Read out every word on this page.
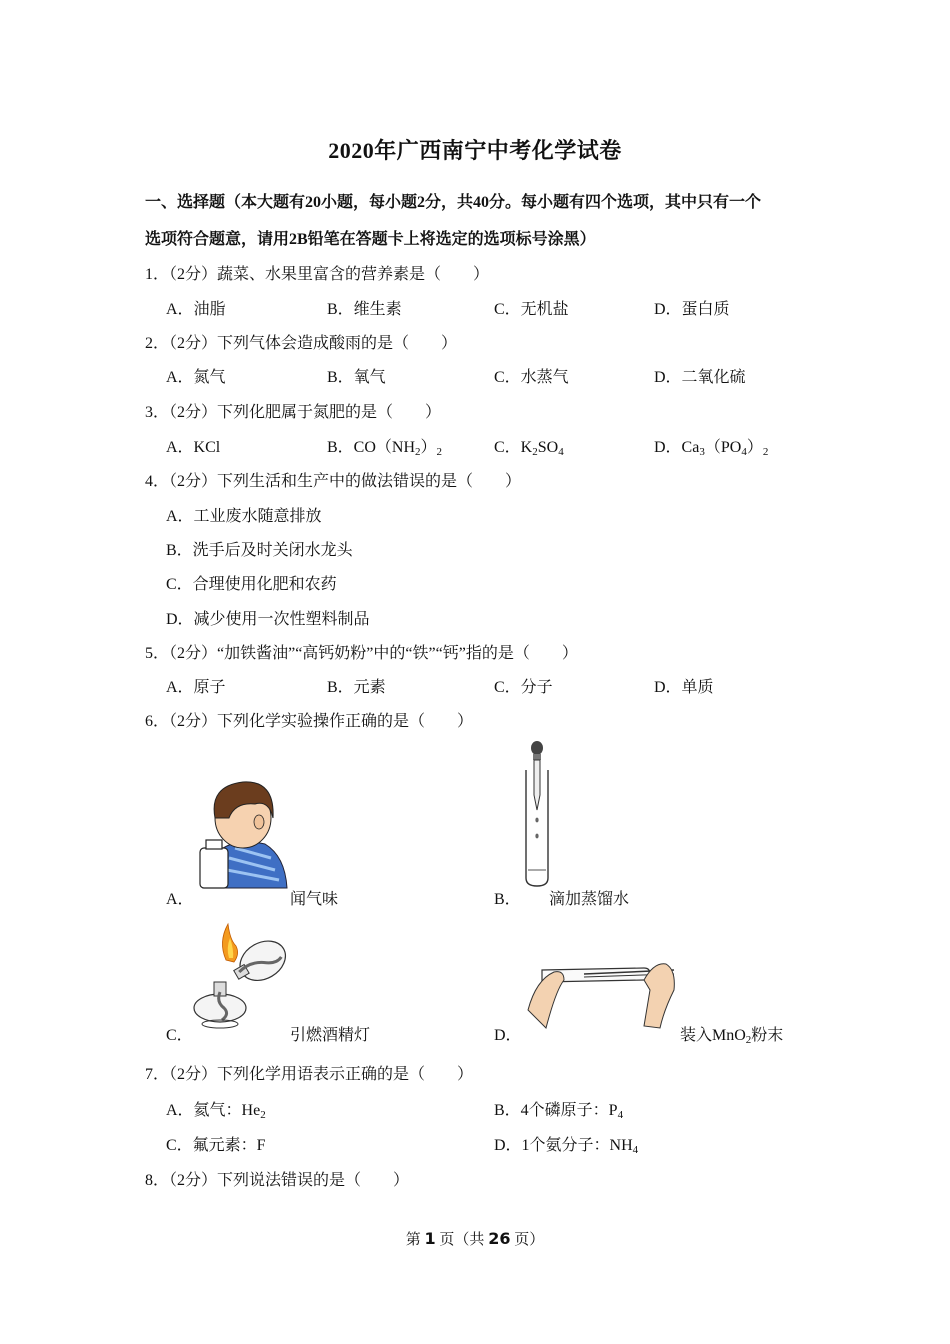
2020年广西南宁中考化学试卷
一、选择题（本大题有20小题，每小题2分，共40分。每小题有四个选项，其中只有一个
选项符合题意，请用2B铅笔在答题卡上将选定的选项标号涂黑）
1．（2分）蔬菜、水果里富含的营养素是（　　）
A．油脂	B．维生素	C．无机盐	D．蛋白质
2．（2分）下列气体会造成酸雨的是（　　）
A．氮气	B．氧气	C．水蒸气	D．二氧化硫
3．（2分）下列化肥属于氮肥的是（　　）
A．KCl	B．$CO(NH_2)_2$	C．$K_2SO_4$	D．$Ca_3(PO_4)_2$
4．（2分）下列生活和生产中的做法错误的是（　　）
A．工业废水随意排放
B．洗手后及时关闭水龙头
C．合理使用化肥和农药
D．减少使用一次性塑料制品
5．（2分）“加铁酱油”“高钙奶粉”中的“铁”“钙”指的是（　　）
A．原子	B．元素	C．分子	D．单质
6．（2分）下列化学实验操作正确的是（　　）
A．	闻气味	B． 滴加蒸馏水
C．	引燃酒精灯	D．	装入MnO$_2$粉末
7．（2分）下列化学用语表示正确的是（　　）
A．氦气：$He_2$	B．4个磷原子：$P_4$
C．氟元素：F	D．1个氨分子：$NH_4$
8．（2分）下列说法错误的是（　　）
第 1 页（共 26 页）
